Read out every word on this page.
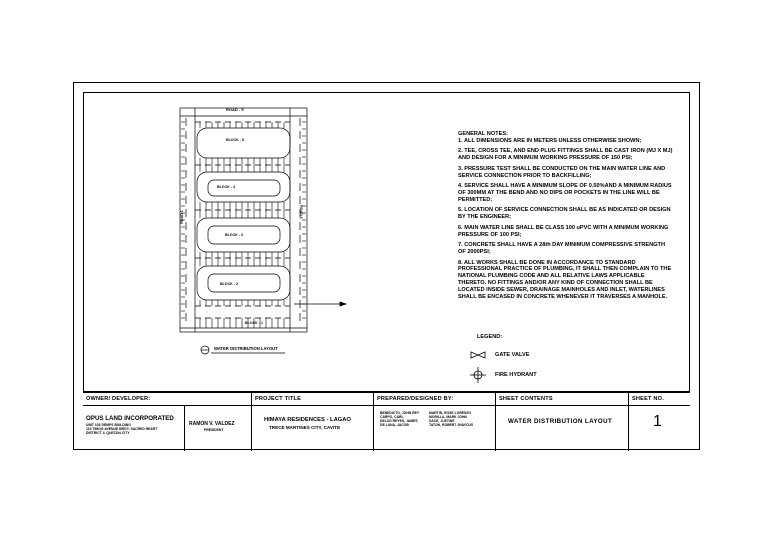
ROAD - 5
BLOCK - 5
BLOCK - 4
BLOCK - 3
BLOCK - 2
BLOCK - 1
ROAD 6
ROAD 1
WATER DISTRIBUTION LAYOUT

GENERAL NOTES:

1. ALL DIMENSIONS ARE IN METERS UNLESS OTHERWISE SHOWN;

2. TEE, CROSS TEE, AND END PLUG FITTINGS SHALL BE CAST IRON (MJ X MJ) AND DESIGN FOR A MINIMUM WORKING PRESSURE OF 150 PSI;

3. PRESSURE TEST SHALL BE CONDUCTED ON THE MAIN WATER LINE AND SERVICE CONNECTION PRIOR TO BACKFILLING;

4. SERVICE SHALL HAVE A MINIMUM SLOPE OF 0.50%AND A MINIMUM RADIUS OF 300MM AT THE BEND AND NO DIPS OR POCKETS IN THE LINE WILL BE PERMITTED;

5. LOCATION OF SERVICE CONNECTION SHALL BE AS INDICATED OR DESIGN BY THE ENGINEER;

6. MAIN WATER LINE SHALL BE CLASS 100 uPVC WITH A MINIMUM WORKING PRESSURE OF 100 PSI;

7. CONCRETE SHALL HAVE A 28th DAY MINIMUM COMPRESSIVE STRENGTH OF 2000PSI;

8. ALL WORKS SHALL BE DONE IN ACCORDANCE TO STANDARD PROFESSIONAL PRACTICE OF PLUMBING, IT SHALL THEN COMPLAIN TO THE NATIONAL PLUMBING CODE AND ALL RELATIVE LAWS APPLICABLE THERETO. NO FITTINGS AND/OR ANY KIND OF CONNECTION SHALL BE LOCATED INSIDE SEWER, DRAINAGE MAINHOLES AND INLET, WATERLINES SHALL BE ENCASED IN CONCRETE WHENEVER IT TRAVERSES A MANHOLE.

LEGEND:
GATE VALVE
FIRE HYDRANT
OWNER/ DEVELOPER:
OPUS LAND INCORPORATED
UNIT 103 DEMPS BUILDING
115 TIMOG AVENUE BRGY. SACRED HEART
DISTRICT 4, QUEZON CITY
RAMON V. VALDEZ
PRESIDENT
PROJECT TITLE
HIMAYA RESIDENCES - LAGAO
TRECE MARTINES CITY, CAVITE
PREPARED/DESIGNED BY:
BENEDICTO, JOHN REY
CARPO, CARL
DELOS REYES, JAMES
DE LUNA, JACOB
MARTIN, ROSE LORENZO
MORILLA, MARK JOHN
SACE, JUSTINE
TATON, ROBERT JHAYCUS
SHEET CONTENTS
WATER DISTRIBUTION LAYOUT
SHEET NO.
1
